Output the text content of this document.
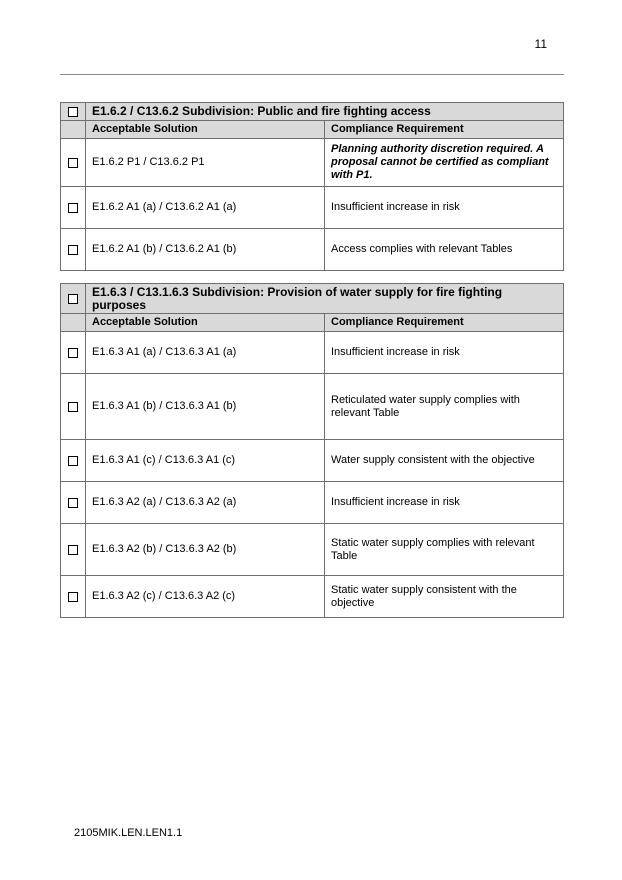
11
	E1.6.2 / C13.6.2 Subdivision: Public and fire fighting access	
	Acceptable Solution	Compliance Requirement
	E1.6.2 P1 / C13.6.2 P1	Planning authority discretion required. A proposal cannot be certified as compliant with P1.
	E1.6.2 A1 (a) / C13.6.2 A1 (a)	Insufficient increase in risk
	E1.6.2 A1 (b) / C13.6.2 A1 (b)	Access complies with relevant Tables
	E1.6.3 / C13.1.6.3 Subdivision: Provision of water supply for fire fighting purposes	
	Acceptable Solution	Compliance Requirement
	E1.6.3 A1 (a) / C13.6.3 A1 (a)	Insufficient increase in risk
	E1.6.3 A1 (b) / C13.6.3 A1 (b)	Reticulated water supply complies with relevant Table
	E1.6.3 A1 (c) / C13.6.3 A1 (c)	Water supply consistent with the objective
	E1.6.3 A2 (a) / C13.6.3 A2 (a)	Insufficient increase in risk
	E1.6.3 A2 (b) / C13.6.3 A2 (b)	Static water supply complies with relevant Table
	E1.6.3 A2 (c) / C13.6.3 A2 (c)	Static water supply consistent with the objective
2105MIK.LEN.LEN1.1
